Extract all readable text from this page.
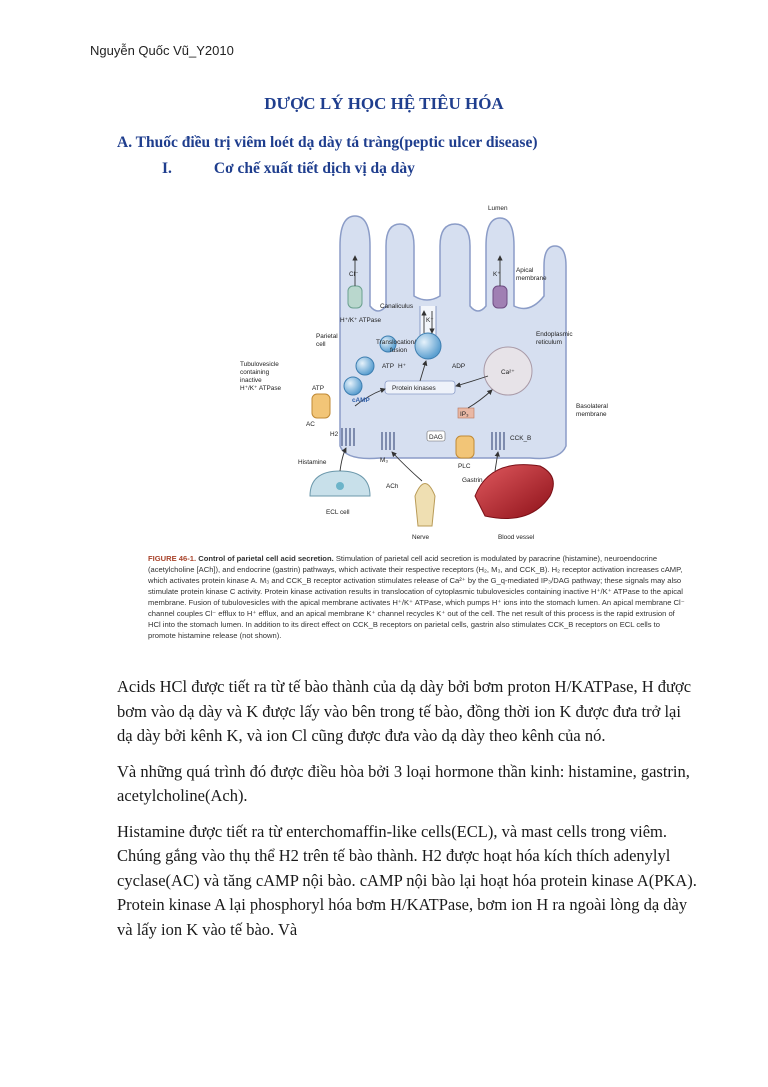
Nguyễn Quốc Vũ_Y2010
DƯỢC LÝ HỌC HỆ TIÊU HÓA
A. Thuốc điều trị viêm loét dạ dày tá tràng(peptic ulcer disease)
I.	Cơ chế xuất tiết dịch vị dạ dày
Lumen
Cl⁻	K⁺
Apical
membrane
Canaliculus
H⁺/K⁺ ATPase	K⁺
Parietal
cell	Translocation/
fusion
Endoplasmic
reticulum
Tubulovesicle
containing
inactive
H⁺/K⁺ ATPase
ATP H⁺	ADP
Ca²⁺
Protein kinases
ATP
cAMP
IP₃
Basolateral
membrane
AC
H2
M₃
DAG
PLC
CCK_B
Histamine
ACh
Gastrin
ECL cell
Nerve	Blood vessel
FIGURE 46-1. Control of parietal cell acid secretion. Stimulation of parietal cell acid secretion is modulated by paracrine (histamine), neuroendocrine (acetylcholine [ACh]), and endocrine (gastrin) pathways, which activate their respective receptors (H₂, M₃, and CCK_B). H₂ receptor activation increases cAMP, which activates protein kinase A. M₃ and CCK_B receptor activation stimulates release of Ca²⁺ by the G_q-mediated IP₃/DAG pathway; these signals may also stimulate protein kinase C activity. Protein kinase activation results in translocation of cytoplasmic tubulovesicles containing inactive H⁺/K⁺ ATPase to the apical membrane. Fusion of tubulovesicles with the apical membrane activates H⁺/K⁺ ATPase, which pumps H⁺ ions into the stomach lumen. An apical membrane Cl⁻ channel couples Cl⁻ efflux to H⁺ efflux, and an apical membrane K⁺ channel recycles K⁺ out of the cell. The net result of this process is the rapid extrusion of HCl into the stomach lumen. In addition to its direct effect on CCK_B receptors on parietal cells, gastrin also stimulates CCK_B receptors on ECL cells to promote histamine release (not shown).

Acids HCl được tiết ra từ tế bào thành của dạ dày bởi bơm proton H/KATPase, H được bơm vào dạ dày và K được lấy vào bên trong tế bào, đồng thời ion K được đưa trở lại dạ dày bởi kênh K, và ion Cl cũng được đưa vào dạ dày theo kênh của nó.

Và những quá trình đó được điều hòa bởi 3 loại hormone thần kinh: histamine, gastrin, acetylcholine(Ach).

Histamine được tiết ra từ enterchomaffin-like cells(ECL), và mast cells trong viêm. Chúng gắng vào thụ thể H2 trên tế bào thành. H2 được hoạt hóa kích thích adenylyl cyclase(AC) và tăng cAMP nội bào. cAMP nội bào lại hoạt hóa protein kinase A(PKA). Protein kinase A lại phosphoryl hóa bơm H/KATPase, bơm ion H ra ngoài lòng dạ dày và lấy ion K vào tế bào. Và
